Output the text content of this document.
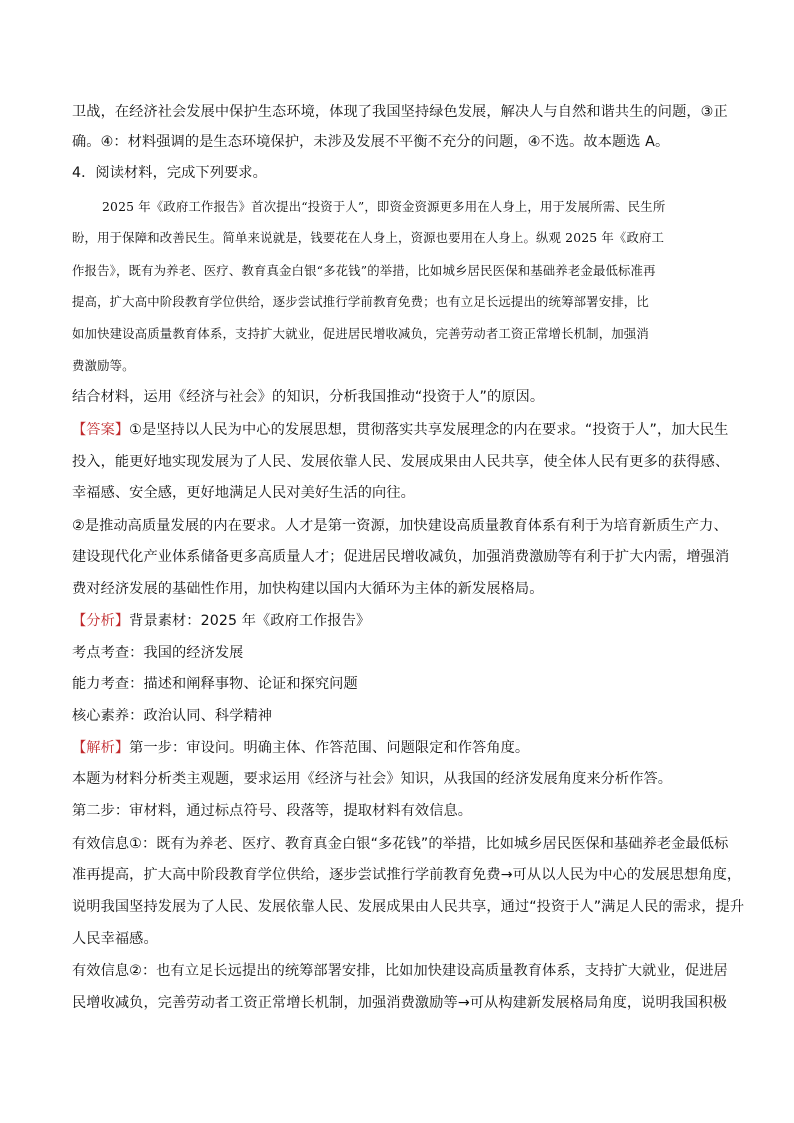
卫战，在经济社会发展中保护生态环境，体现了我国坚持绿色发展，解决人与自然和谐共生的问题，③正

确。④：材料强调的是生态环境保护，未涉及发展不平衡不充分的问题，④不选。故本题选 A。

4．阅读材料，完成下列要求。

2025 年《政府工作报告》首次提出“投资于人”，即资金资源更多用在人身上，用于发展所需、民生所

盼，用于保障和改善民生。简单来说就是，钱要花在人身上，资源也要用在人身上。纵观 2025 年《政府工

作报告》，既有为养老、医疗、教育真金白银“多花钱”的举措，比如城乡居民医保和基础养老金最低标准再

提高，扩大高中阶段教育学位供给，逐步尝试推行学前教育免费；也有立足长远提出的统筹部署安排，比

如加快建设高质量教育体系，支持扩大就业，促进居民增收减负，完善劳动者工资正常增长机制，加强消

费激励等。

结合材料，运用《经济与社会》的知识，分析我国推动“投资于人”的原因。

【答案】①是坚持以人民为中心的发展思想，贯彻落实共享发展理念的内在要求。“投资于人”，加大民生

投入，能更好地实现发展为了人民、发展依靠人民、发展成果由人民共享，使全体人民有更多的获得感、

幸福感、安全感，更好地满足人民对美好生活的向往。

②是推动高质量发展的内在要求。人才是第一资源，加快建设高质量教育体系有利于为培育新质生产力、

建设现代化产业体系储备更多高质量人才；促进居民增收减负，加强消费激励等有利于扩大内需，增强消

费对经济发展的基础性作用，加快构建以国内大循环为主体的新发展格局。

【分析】背景素材：2025 年《政府工作报告》

考点考查：我国的经济发展

能力考查：描述和阐释事物、论证和探究问题

核心素养：政治认同、科学精神

【解析】第一步：审设问。明确主体、作答范围、问题限定和作答角度。

本题为材料分析类主观题，要求运用《经济与社会》知识，从我国的经济发展角度来分析作答。

第二步：审材料，通过标点符号、段落等，提取材料有效信息。

有效信息①：既有为养老、医疗、教育真金白银“多花钱”的举措，比如城乡居民医保和基础养老金最低标

准再提高，扩大高中阶段教育学位供给，逐步尝试推行学前教育免费→可从以人民为中心的发展思想角度，

说明我国坚持发展为了人民、发展依靠人民、发展成果由人民共享，通过“投资于人”满足人民的需求，提升

人民幸福感。

有效信息②：也有立足长远提出的统筹部署安排，比如加快建设高质量教育体系，支持扩大就业，促进居

民增收减负，完善劳动者工资正常增长机制，加强消费激励等→可从构建新发展格局角度，说明我国积极
